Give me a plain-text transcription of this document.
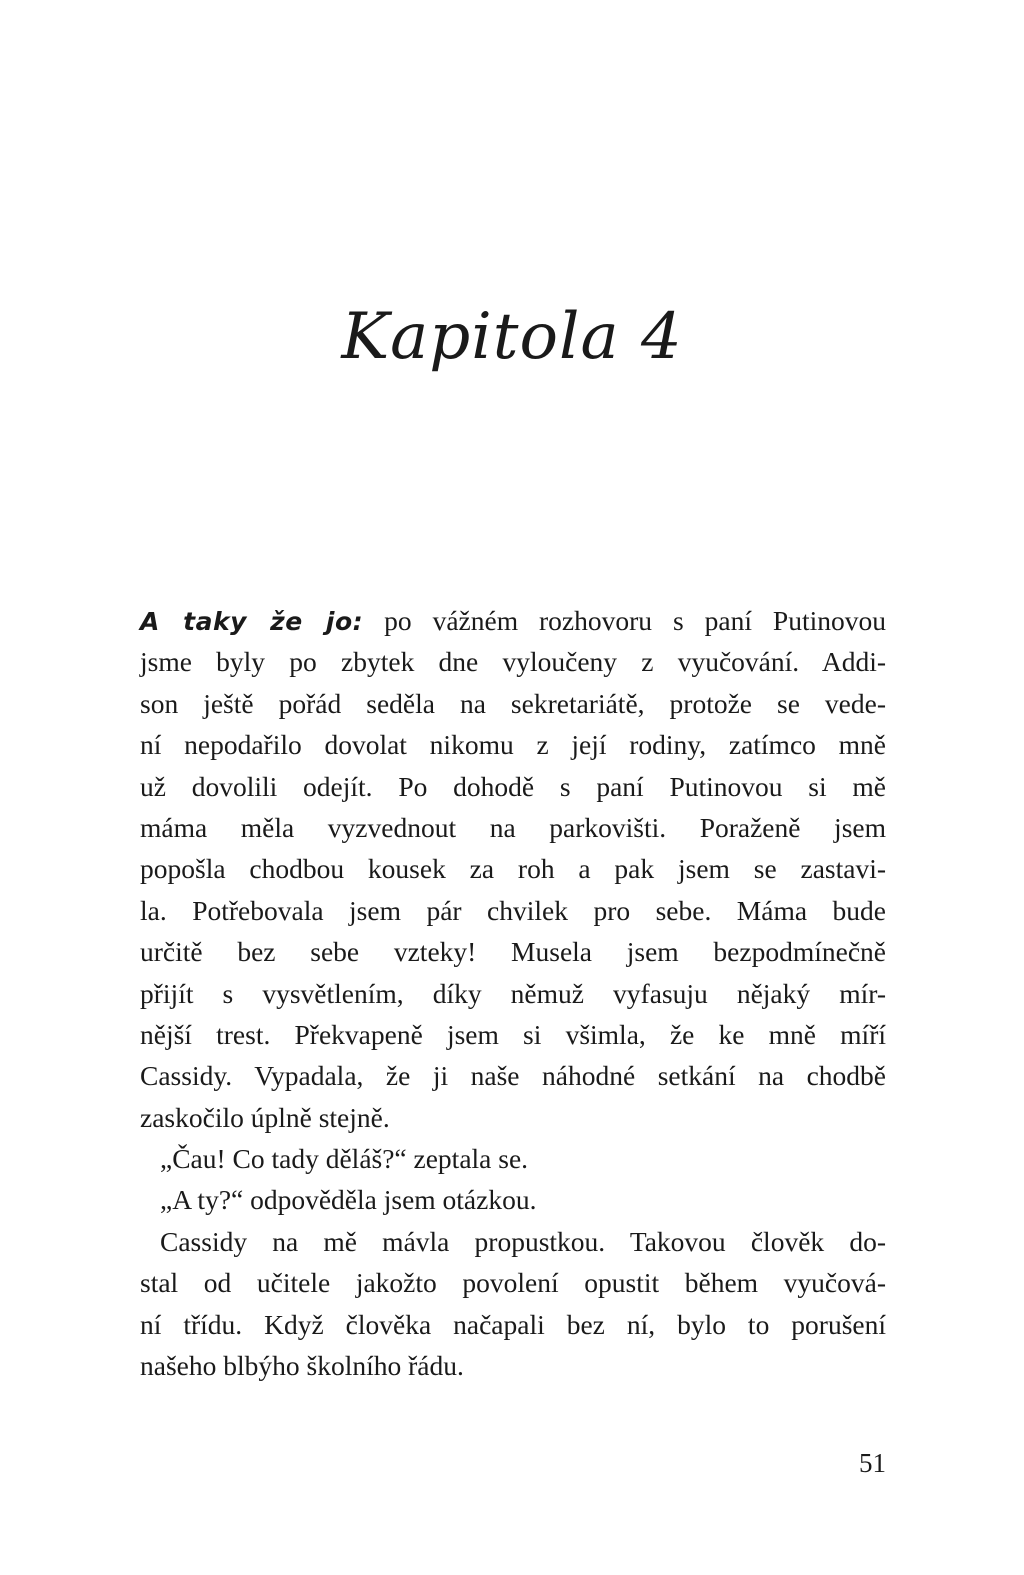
Kapitola 4
A taky že jo: po vážném rozhovoru s paní Putinovou
jsme byly po zbytek dne vyloučeny z vyučování. Addi-
son ještě pořád seděla na sekretariátě, protože se vede-
ní nepodařilo dovolat nikomu z její rodiny, zatímco mně
už dovolili odejít. Po dohodě s paní Putinovou si mě
máma měla vyzvednout na parkovišti. Poraženě jsem
popošla chodbou kousek za roh a pak jsem se zastavi-
la. Potřebovala jsem pár chvilek pro sebe. Máma bude
určitě bez sebe vzteky! Musela jsem bezpodmínečně
přijít s vysvětlením, díky němuž vyfasuju nějaký mír-
nější trest. Překvapeně jsem si všimla, že ke mně míří
Cassidy. Vypadala, že ji naše náhodné setkání na chodbě
zaskočilo úplně stejně.
„Čau! Co tady děláš?“ zeptala se.
„A ty?“ odpověděla jsem otázkou.
Cassidy na mě mávla propustkou. Takovou člověk do-
stal od učitele jakožto povolení opustit během vyučová-
ní třídu. Když člověka načapali bez ní, bylo to porušení
našeho blbýho školního řádu.
51
